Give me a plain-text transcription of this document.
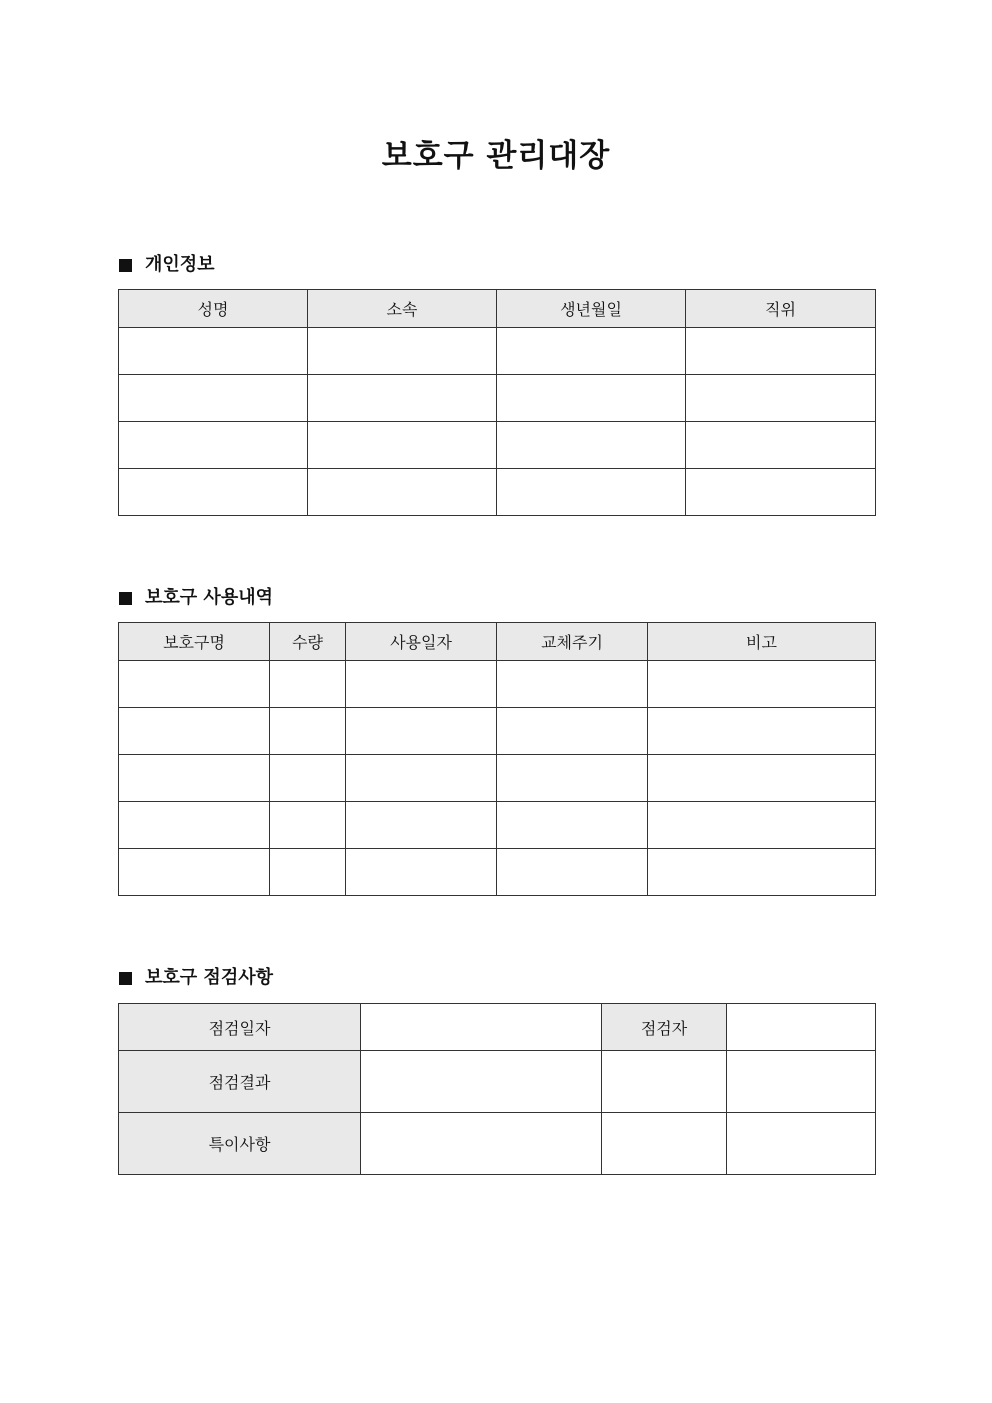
보호구 관리대장
개인정보
성명	소속	생년월일	직위

보호구 사용내역
보호구명	수량	사용일자	교체주기	비고

보호구 점검사항
점검일자		점검자	
점검결과			
특이사항			
